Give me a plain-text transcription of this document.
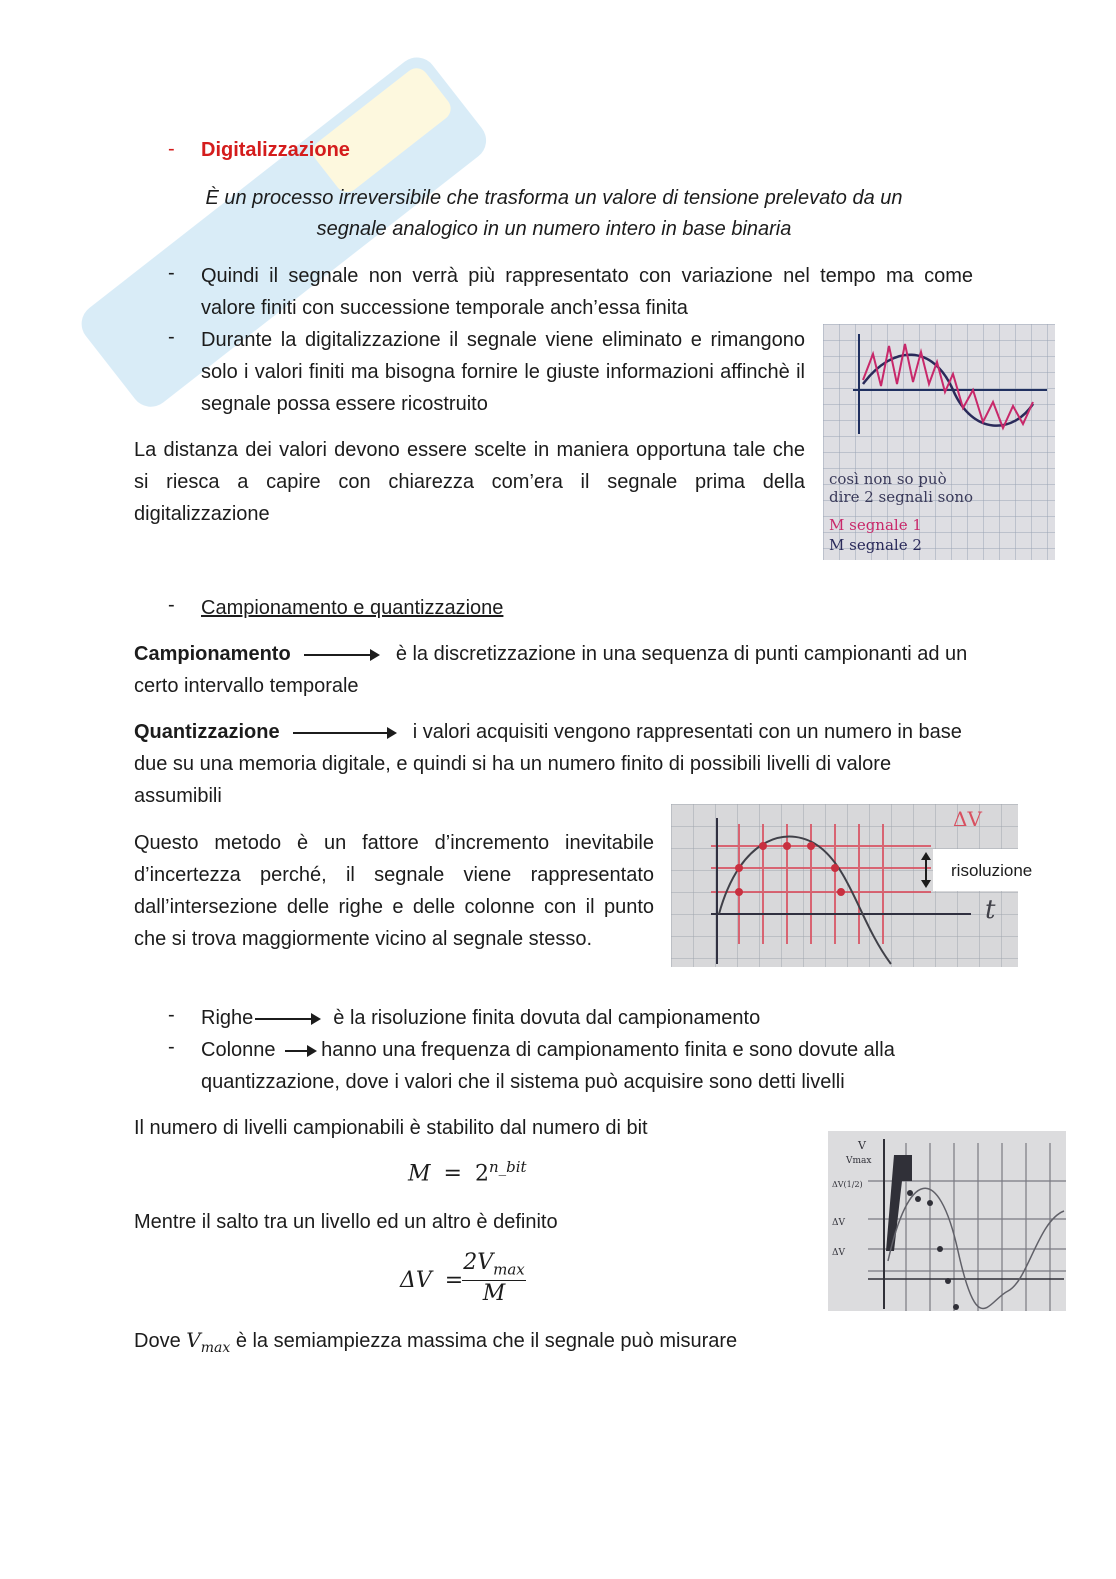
- Digitalizzazione
È un processo irreversibile che trasforma un valore di tensione prelevato da un
segnale analogico in un numero intero in base binaria
- Quindi il segnale non verrà più rappresentato con variazione nel tempo ma come valore finiti con successione temporale anch’essa finita
- Durante la digitalizzazione il segnale viene eliminato e rimangono solo i valori finiti ma bisogna fornire le giuste informazioni affinchè il segnale possa essere ricostruito
La distanza dei valori devono essere scelte in maniera opportuna tale che si riesca a capire con chiarezza com’era il segnale prima della digitalizzazione
così non so può
dire 2 segnali sono
M segnale 1
M segnale 2
- Campionamento e quantizzazione
Campionamento	è la discretizzazione in una sequenza di punti campionanti ad un certo intervallo temporale
Quantizzazione	i valori acquisiti vengono rappresentati con un numero in base due su una memoria digitale, e quindi si ha un numero finito di possibili livelli di valore assumibili
Questo metodo è un fattore d’incremento inevitabile d’incertezza perché, il segnale viene rappresentato dall’intersezione delle righe e delle colonne con il punto che si trova maggiormente vicino al segnale stesso.
ΔV
t
risoluzione
- Righe	è la risoluzione finita dovuta dal campionamento
- Colonne hanno una frequenza di campionamento finita e sono dovute alla
quantizzazione, dove i valori che il sistema può acquisire sono detti livelli
Il numero di livelli campionabili è stabilito dal numero di bit
$M = 2^{n\_bit}$
Mentre il salto tra un livello ed un altro è definito
ΔV =
$2V_{max}$
M
Dove $V_{max}$ è la semiampiezza massima che il segnale può misurare
V
Vmax
ΔV(1/2)
ΔV
ΔV
